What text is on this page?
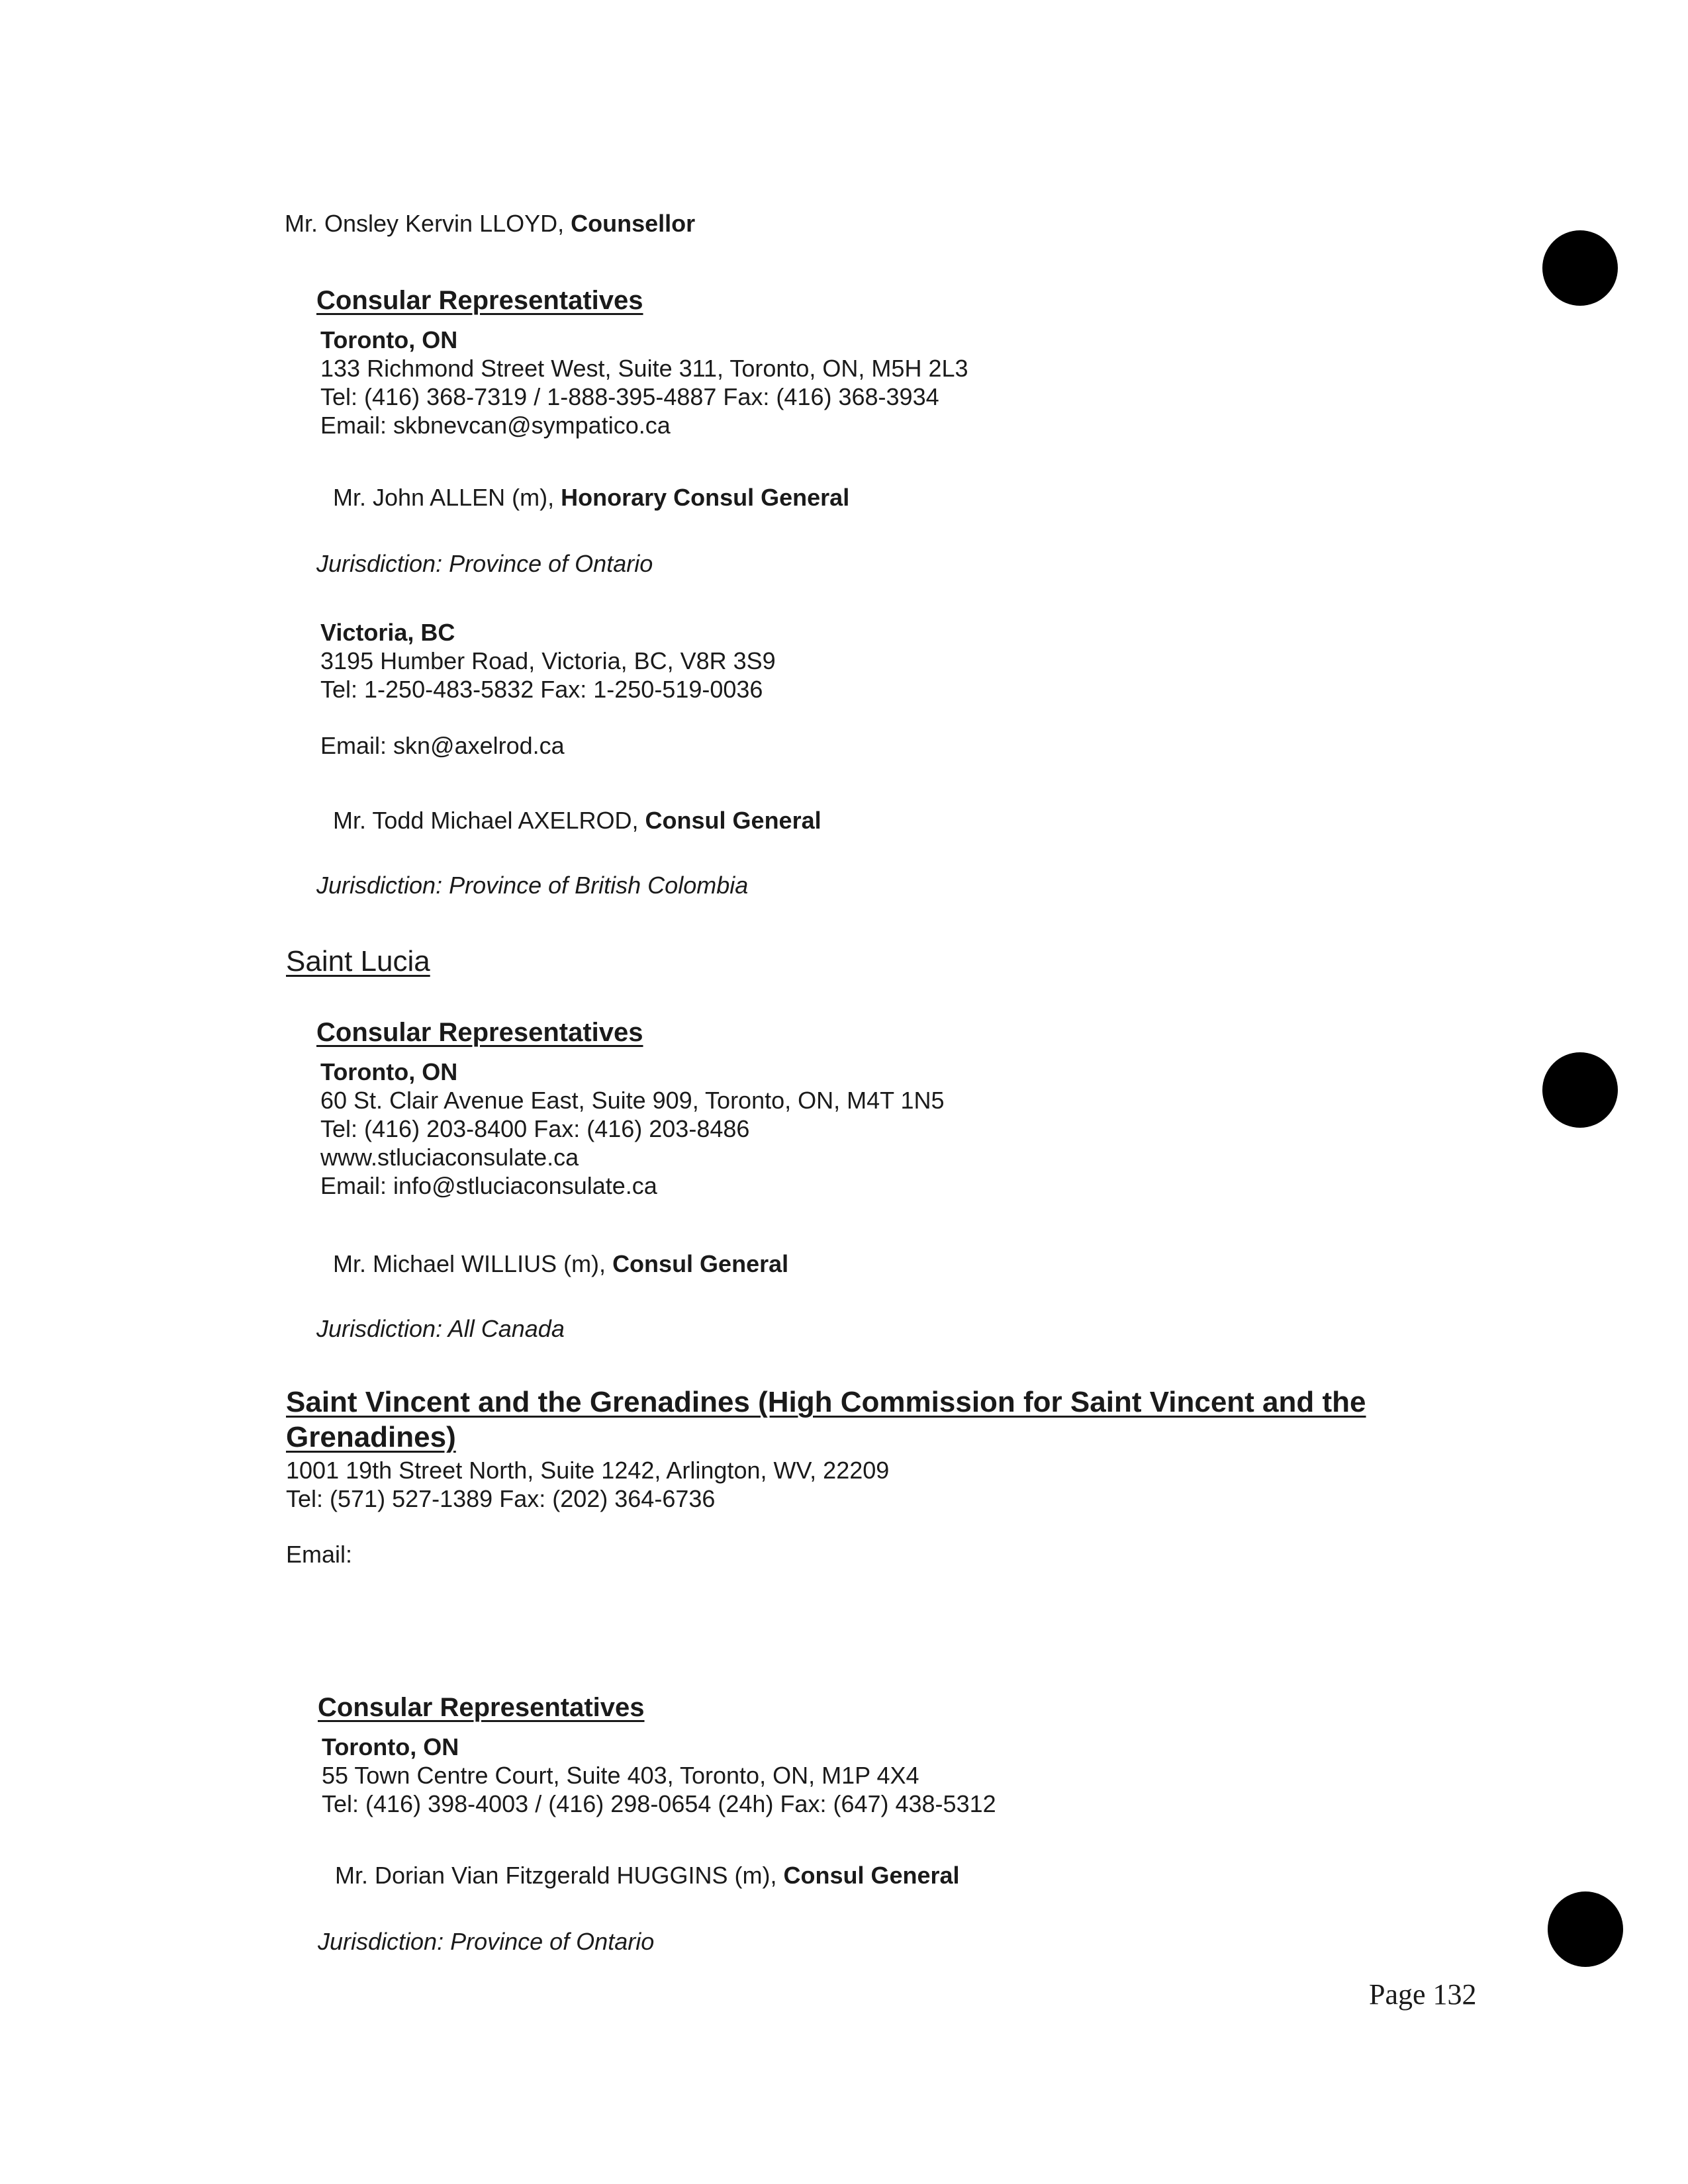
Mr. Onsley Kervin LLOYD, Counsellor
Consular Representatives
Toronto, ON
133 Richmond Street West, Suite 311, Toronto, ON, M5H 2L3
Tel: (416) 368-7319 / 1-888-395-4887 Fax: (416) 368-3934
Email: skbnevcan@sympatico.ca
Mr. John ALLEN (m), Honorary Consul General
Jurisdiction: Province of Ontario
Victoria, BC
3195 Humber Road, Victoria, BC, V8R 3S9
Tel: 1-250-483-5832 Fax: 1-250-519-0036
Email: skn@axelrod.ca
Mr. Todd Michael AXELROD, Consul General
Jurisdiction: Province of British Colombia
Saint Lucia
Consular Representatives
Toronto, ON
60 St. Clair Avenue East, Suite 909, Toronto, ON, M4T 1N5
Tel: (416) 203-8400 Fax: (416) 203-8486
www.stluciaconsulate.ca
Email: info@stluciaconsulate.ca
Mr. Michael WILLIUS (m), Consul General
Jurisdiction: All Canada
Saint Vincent and the Grenadines (High Commission for Saint Vincent and the
Grenadines)
1001 19th Street North, Suite 1242, Arlington, WV, 22209
Tel: (571) 527-1389 Fax: (202) 364-6736
Email:
Consular Representatives
Toronto, ON
55 Town Centre Court, Suite 403, Toronto, ON, M1P 4X4
Tel: (416) 398-4003 / (416) 298-0654 (24h) Fax: (647) 438-5312
Mr. Dorian Vian Fitzgerald HUGGINS (m), Consul General
Jurisdiction: Province of Ontario
Page 132
